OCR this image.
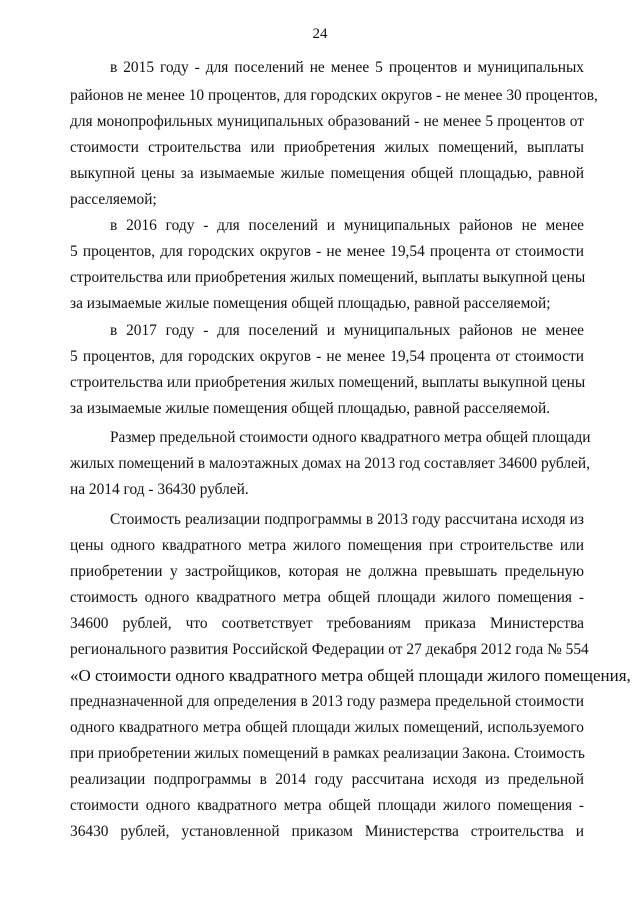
24
в 2015 году - для поселений не менее 5 процентов и муниципальных
районов не менее 10 процентов, для городских округов - не менее 30 процентов,
для монопрофильных муниципальных образований - не менее 5 процентов от
стоимости строительства или приобретения жилых помещений, выплаты
выкупной цены за изымаемые жилые помещения общей площадью, равной
расселяемой;
в 2016 году - для поселений и муниципальных районов не менее
5 процентов, для городских округов - не менее 19,54 процента от стоимости
строительства или приобретения жилых помещений, выплаты выкупной цены
за изымаемые жилые помещения общей площадью, равной расселяемой;
в 2017 году - для поселений и муниципальных районов не менее
5 процентов, для городских округов - не менее 19,54 процента от стоимости
строительства или приобретения жилых помещений, выплаты выкупной цены
за изымаемые жилые помещения общей площадью, равной расселяемой.
Размер предельной стоимости одного квадратного метра общей площади
жилых помещений в малоэтажных домах на 2013 год составляет 34600 рублей,
на 2014 год - 36430 рублей.
Стоимость реализации подпрограммы в 2013 году рассчитана исходя из
цены одного квадратного метра жилого помещения при строительстве или
приобретении у застройщиков, которая не должна превышать предельную
стоимость одного квадратного метра общей площади жилого помещения -
34600 рублей, что соответствует требованиям приказа Министерства
регионального развития Российской Федерации от 27 декабря 2012 года № 554
«О стоимости одного квадратного метра общей площади жилого помещения,
предназначенной для определения в 2013 году размера предельной стоимости
одного квадратного метра общей площади жилых помещений, используемого
при приобретении жилых помещений в рамках реализации Закона. Стоимость
реализации подпрограммы в 2014 году рассчитана исходя из предельной
стоимости одного квадратного метра общей площади жилого помещения -
36430 рублей, установленной приказом Министерства строительства и
